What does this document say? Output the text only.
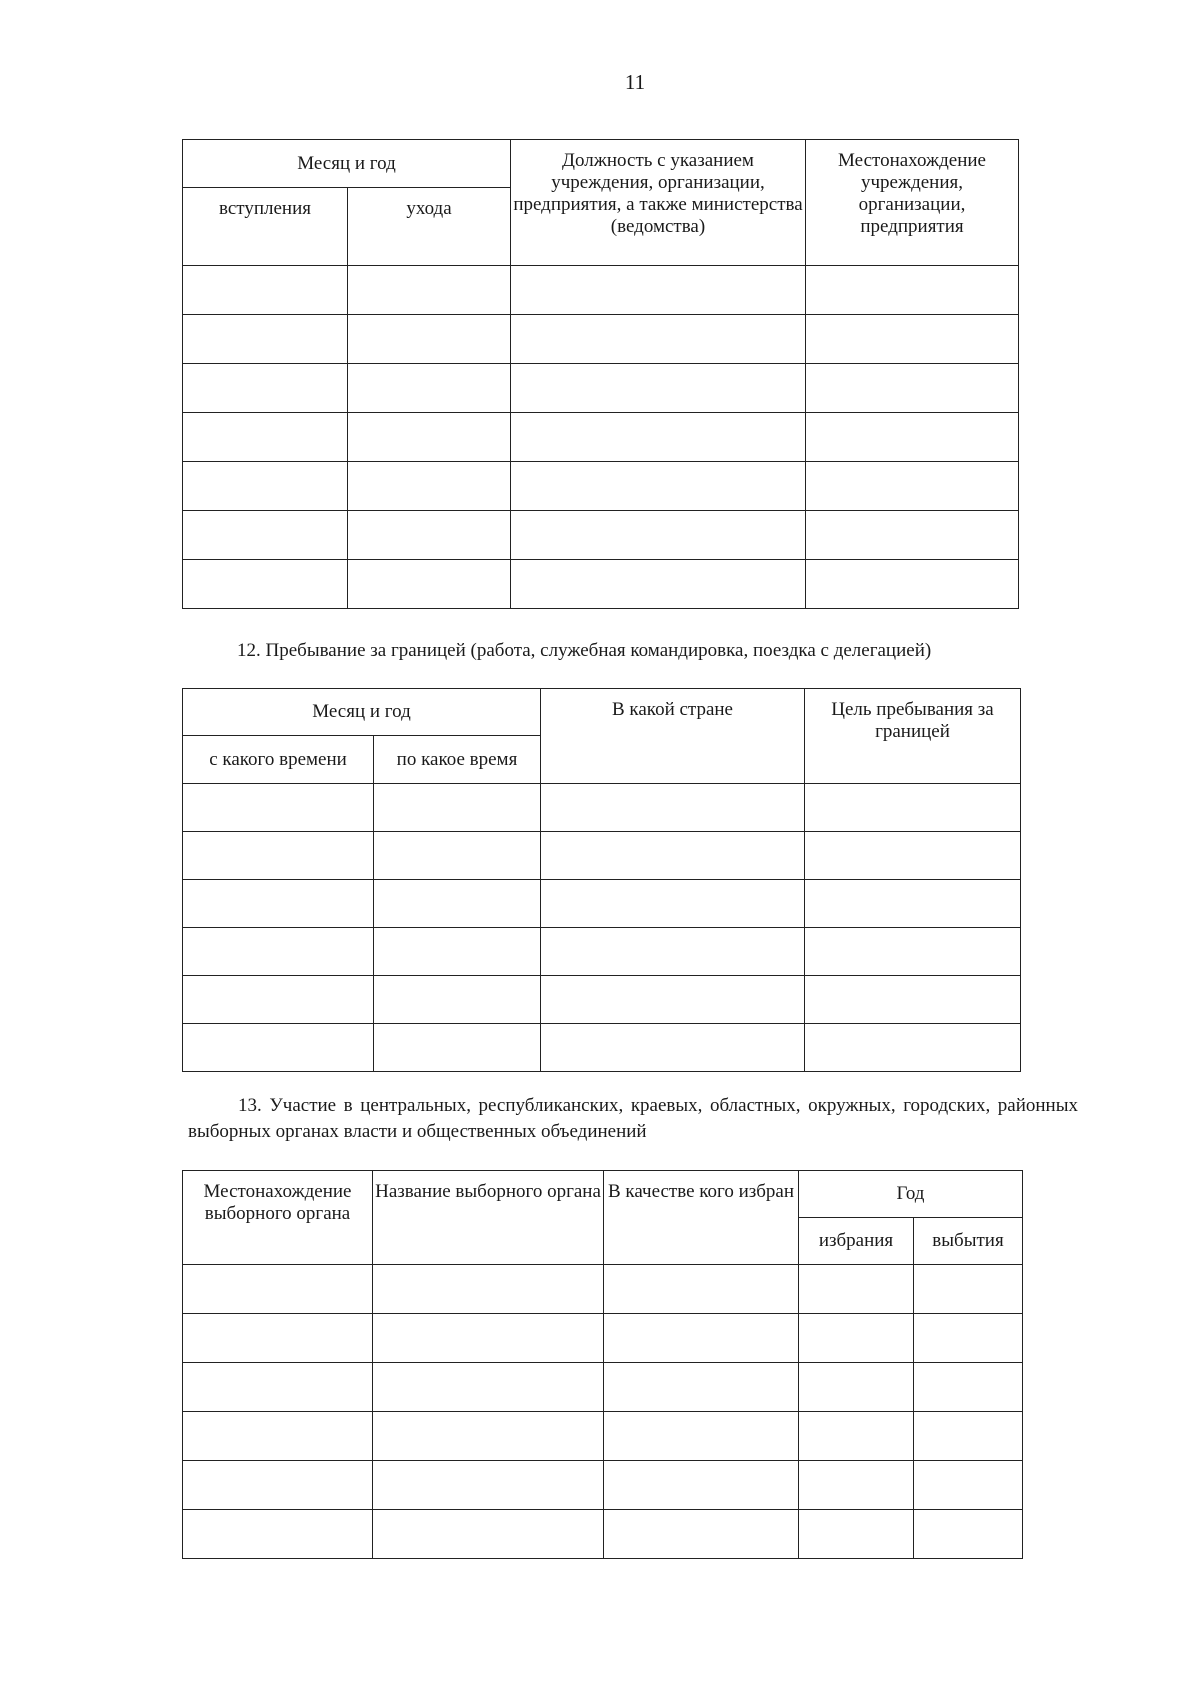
11
Месяц и год		Должность с указанием учреждения, организации, предприятия, а также министерства (ведомства)	Местонахождение учреждения, организации, предприятия

вступления	ухода		

12. Пребывание за границей (работа, служебная командировка, поездка с делегацией)
Месяц и год		В какой стране	Цель пребывания за границей

с какого времени	по какое время		

13. Участие в центральных, республиканских, краевых, областных, окружных, городских, районных выборных органах власти и общественных объединений
Местонахождение выборного органа	Название выборного органа	В качестве кого избран	Год	
			избрания	выбытия
